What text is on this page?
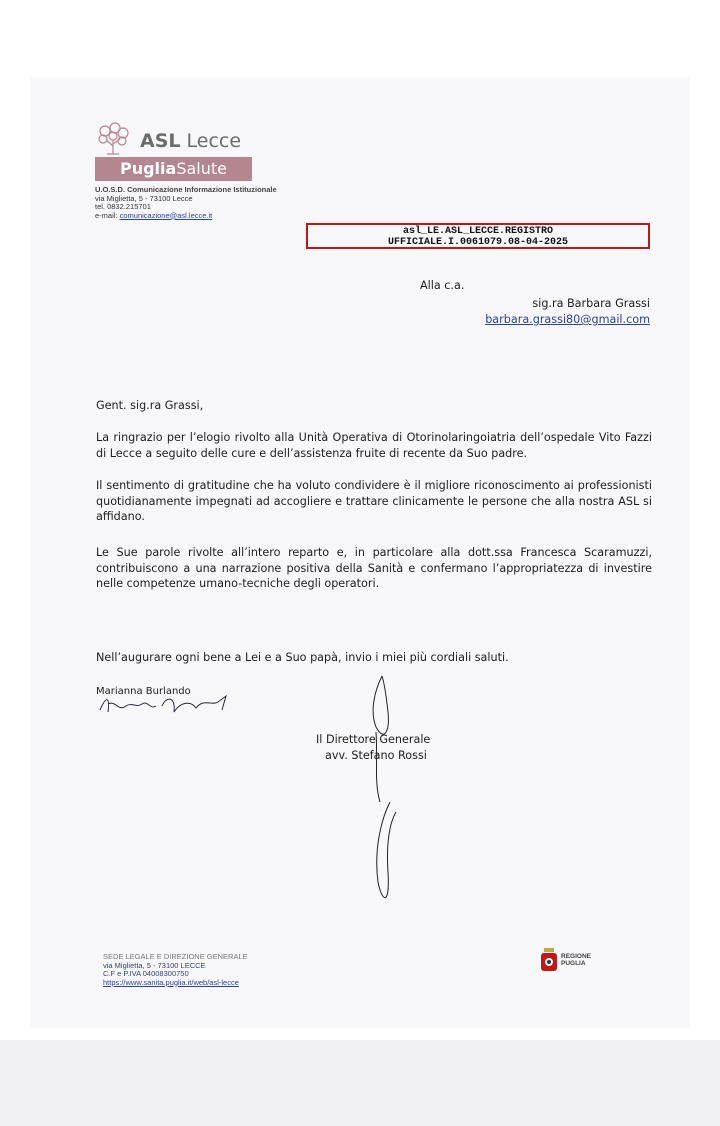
ASL Lecce
PugliaSalute
U.O.S.D. Comunicazione Informazione Istituzionale
via Miglietta, 5 - 73100 Lecce
tel. 0832.215701
e-mail: comunicazione@asl.lecce.it
asl_LE.ASL_LECCE.REGISTRO
UFFICIALE.I.0061079.08-04-2025
Alla c.a.
sig.ra Barbara Grassi
barbara.grassi80@gmail.com
Gent. sig.ra Grassi,
La ringrazio per l’elogio rivolto alla Unità Operativa di Otorinolaringoiatria dell’ospedale Vito Fazzi di Lecce a seguito delle cure e dell’assistenza fruite di recente da Suo padre.
Il sentimento di gratitudine che ha voluto condividere è il migliore riconoscimento ai professionisti quotidianamente impegnati ad accogliere e trattare clinicamente le persone che alla nostra ASL si affidano.
Le Sue parole rivolte all’intero reparto e, in particolare alla dott.ssa Francesca Scaramuzzi, contribuiscono a una narrazione positiva della Sanità e confermano l’appropriatezza di investire nelle competenze umano-tecniche degli operatori.
Nell’augurare ogni bene a Lei e a Suo papà, invio i miei più cordiali saluti.
Marianna Burlando
Il Direttore Generale
avv. Stefano Rossi
SEDE LEGALE E DIREZIONE GENERALE
via Miglietta, 5 - 73100 LECCE
C.F e P.IVA 04008300750
https://www.sanita.puglia.it/web/asl-lecce
REGIONE
PUGLIA
